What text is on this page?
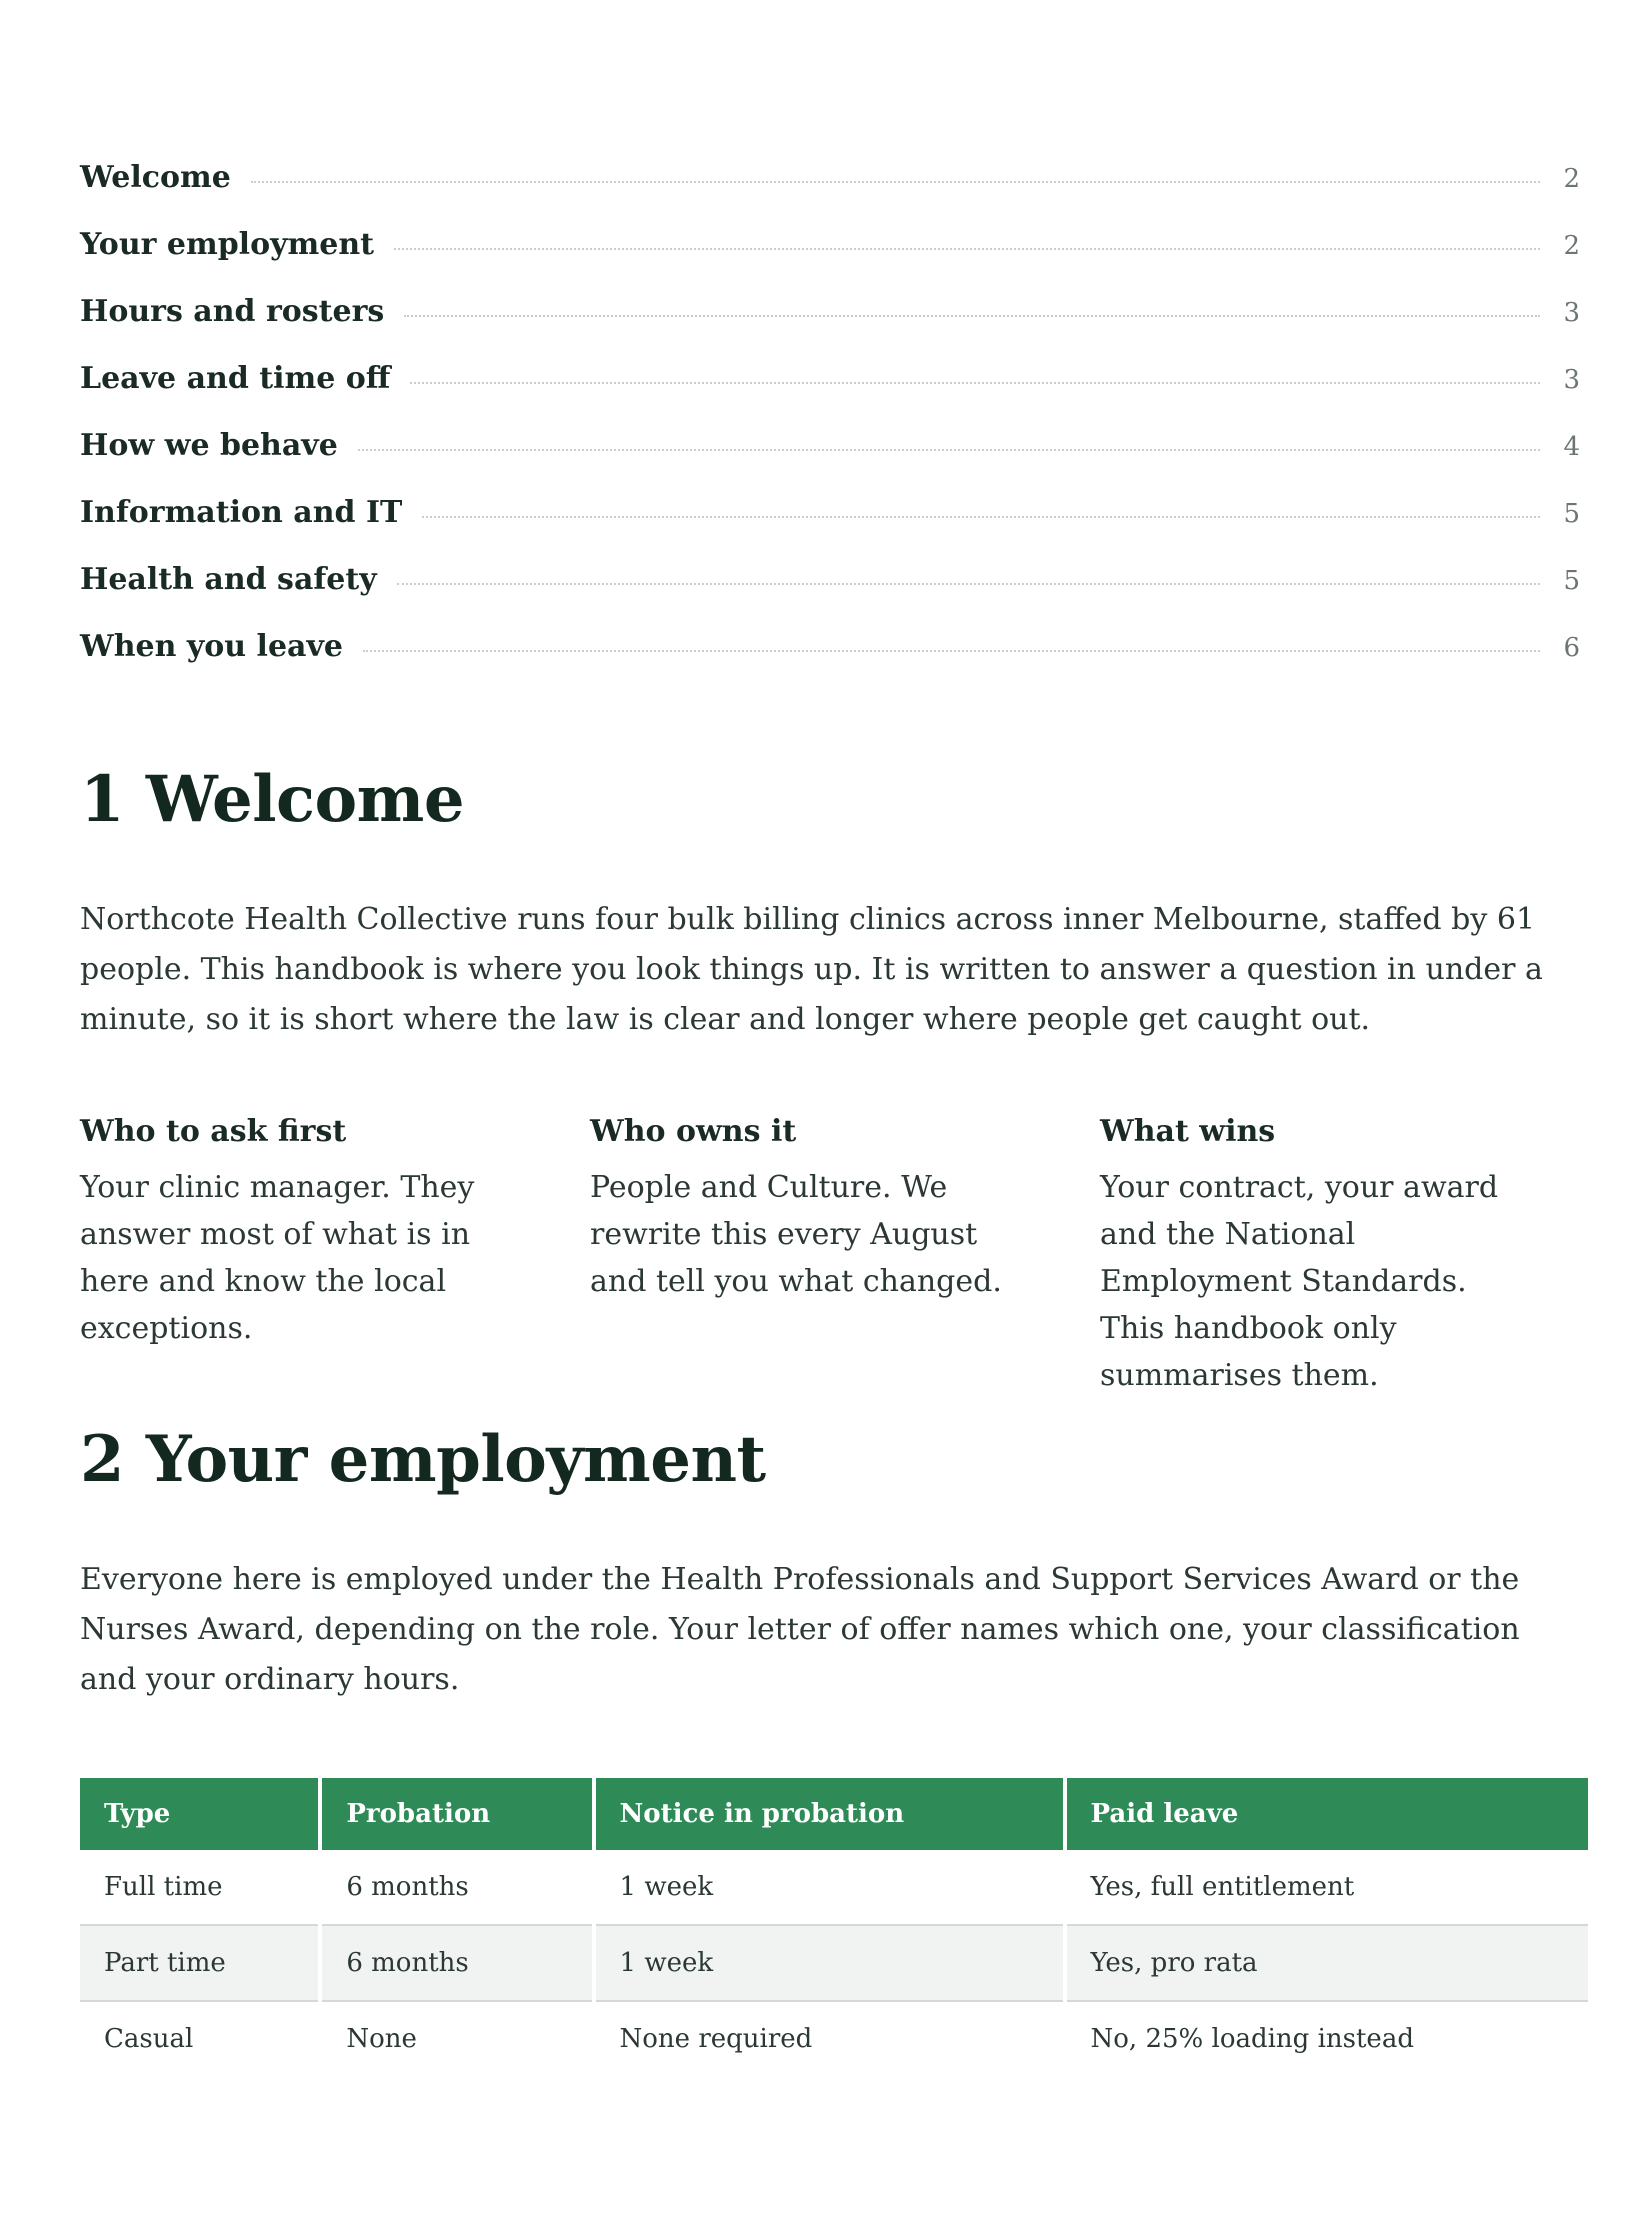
Welcome	2
Your employment	2
Hours and rosters	3
Leave and time off	3
How we behave	4
Information and IT	5
Health and safety	5
When you leave	6
1 Welcome

Northcote Health Collective runs four bulk billing clinics across inner Melbourne, staffed by 61 people. This handbook is where you look things up. It is written to answer a question in under a minute, so it is short where the law is clear and longer where people get caught out.

Who to ask first

Your clinic manager. They answer most of what is in here and know the local exceptions.

Who owns it

People and Culture. We rewrite this every August and tell you what changed.

What wins

Your contract, your award and the National Employment Standards. This handbook only summarises them.

2 Your employment

Everyone here is employed under the Health Professionals and Support Services Award or the Nurses Award, depending on the role. Your letter of offer names which one, your classification and your ordinary hours.

Type	Probation	Notice in probation	Paid leave
Full time	6 months	1 week	Yes, full entitlement
Part time	6 months	1 week	Yes, pro rata
Casual	None	None required	No, 25% loading instead
